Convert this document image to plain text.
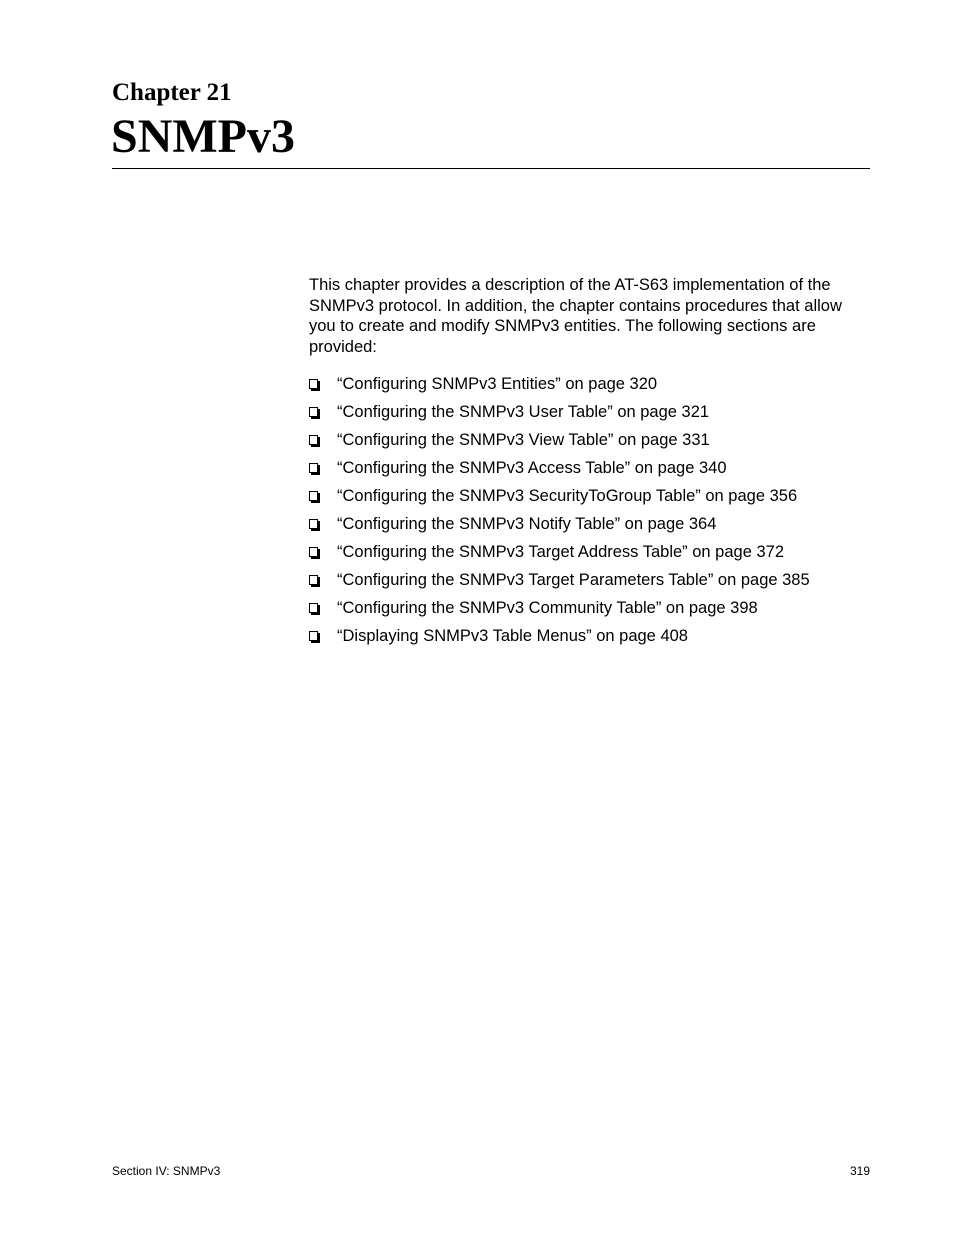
Chapter 21
SNMPv3

This chapter provides a description of the AT-S63 implementation of the SNMPv3 protocol. In addition, the chapter contains procedures that allow you to create and modify SNMPv3 entities. The following sections are provided:

“Configuring SNMPv3 Entities” on page 320
“Configuring the SNMPv3 User Table” on page 321
“Configuring the SNMPv3 View Table” on page 331
“Configuring the SNMPv3 Access Table” on page 340
“Configuring the SNMPv3 SecurityToGroup Table” on page 356
“Configuring the SNMPv3 Notify Table” on page 364
“Configuring the SNMPv3 Target Address Table” on page 372
“Configuring the SNMPv3 Target Parameters Table” on page 385
“Configuring the SNMPv3 Community Table” on page 398
“Displaying SNMPv3 Table Menus” on page 408
Section IV: SNMPv3	319
